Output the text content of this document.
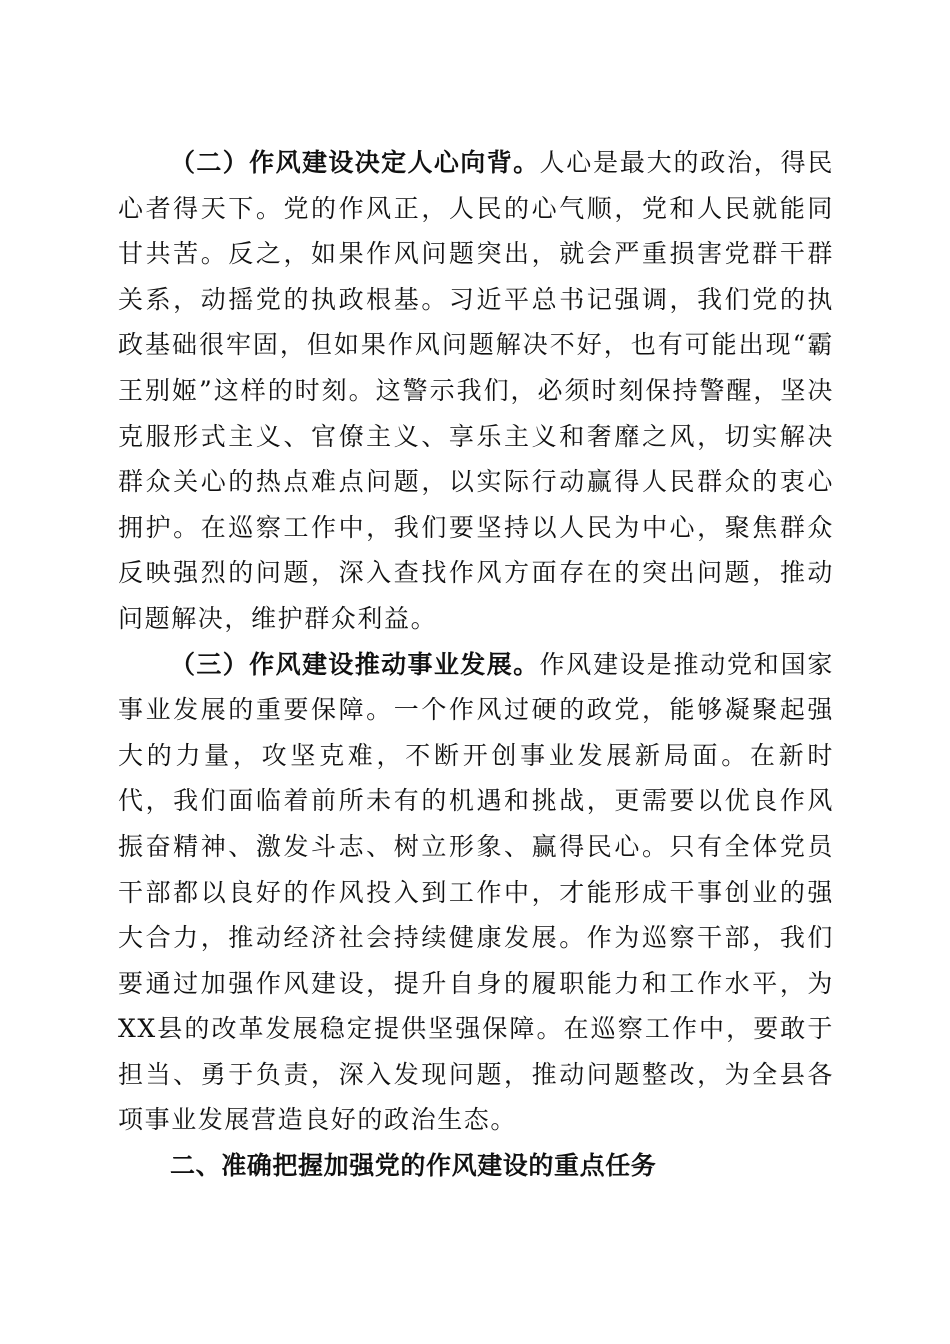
（二）作风建设决定人心向背。人心是最大的政治，得民心者得天下。党的作风正，人民的心气顺，党和人民就能同甘共苦。反之，如果作风问题突出，就会严重损害党群干群关系，动摇党的执政根基。习近平总书记强调，我们党的执政基础很牢固，但如果作风问题解决不好，也有可能出现“霸王别姬”这样的时刻。这警示我们，必须时刻保持警醒，坚决克服形式主义、官僚主义、享乐主义和奢靡之风，切实解决群众关心的热点难点问题，以实际行动赢得人民群众的衷心拥护。在巡察工作中，我们要坚持以人民为中心，聚焦群众反映强烈的问题，深入查找作风方面存在的突出问题，推动问题解决，维护群众利益。

（三）作风建设推动事业发展。作风建设是推动党和国家事业发展的重要保障。一个作风过硬的政党，能够凝聚起强大的力量，攻坚克难，不断开创事业发展新局面。在新时代，我们面临着前所未有的机遇和挑战，更需要以优良作风振奋精神、激发斗志、树立形象、赢得民心。只有全体党员干部都以良好的作风投入到工作中，才能形成干事创业的强大合力，推动经济社会持续健康发展。作为巡察干部，我们要通过加强作风建设，提升自身的履职能力和工作水平，为XX县的改革发展稳定提供坚强保障。在巡察工作中，要敢于担当、勇于负责，深入发现问题，推动问题整改，为全县各项事业发展营造良好的政治生态。

二、准确把握加强党的作风建设的重点任务
